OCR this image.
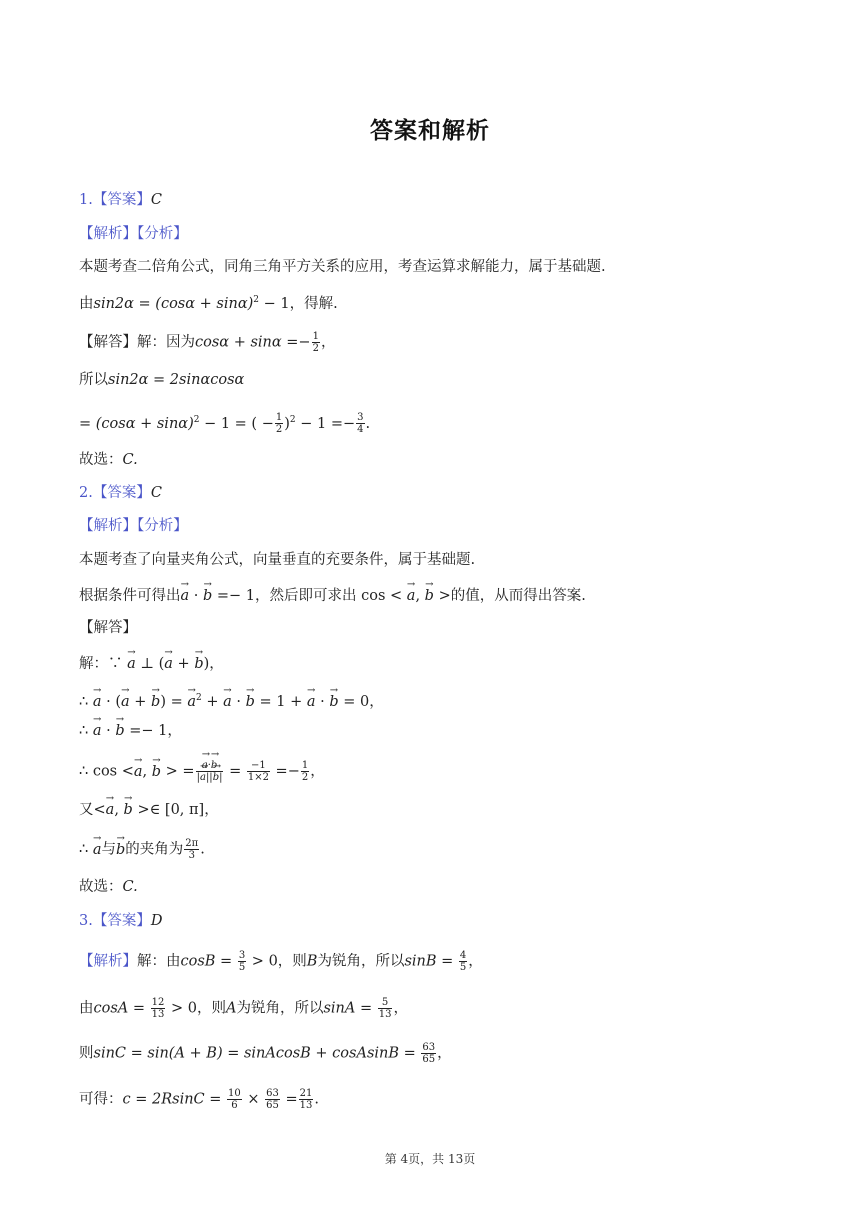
答案和解析
1.【答案】C
【解析】【分析】
本题考查二倍角公式，同角三角平方关系的应用，考查运算求解能力，属于基础题.
由$\sin 2\alpha = (\cos\alpha + \sin\alpha)^2 - 1$，得解.
【解答】解：因为$\cos\alpha + \sin\alpha =- \frac{1}{2}$ ，
所以sin2α = 2sinαcosα
= $(\cos\alpha + \sin\alpha)^2 - 1$ = ( − $\frac{1}{2} )^2 - 1 =- \frac{3}{4}$ .
故选：C.
2.【答案】C
【解析】【分析】
本题考查了向量夹角公式，向量垂直的充要条件，属于基础题.
根据条件可得出→ a · → b =− 1，然后即可求出 cos < → a, → b >的值，从而得出答案.
【解答】
解：∵ → a ⊥ (→ a + → b)，
∴ → a · (→ a + → b) = → $a^2$ + → a · → b = 1 + → a · → b = 0，
∴ → a · → b =− 1，
∴ cos <→ a, → b > = → $\frac{a\cdot\to b}{|\to a||\to b|} = \frac{-1}{1\times 2} =- \frac{1}{2}$ ，
又<→ a, → b >∈ [0, π]，
∴ → a与→ b的夹角为 $\frac{2\pi}{3}$ .
故选：C.
3.【答案】D
【解析】解：由$\cos B = \frac{3}{5} > 0$，则B为锐角，所以$\sin B = \frac{4}{5}$ ，
由$\cos A = \frac{12}{13} > 0$，则A为锐角，所以$\sin A = \frac{5}{13}$ ，
则sinC = sin(A + B) = sinAcosB + cosAsinB = $\frac{63}{65}$ ，
可得：$c = 2RsinC = \frac{10}{6} \times \frac{63}{65} = \frac{21}{13}$ .
第 4页，共 13页
